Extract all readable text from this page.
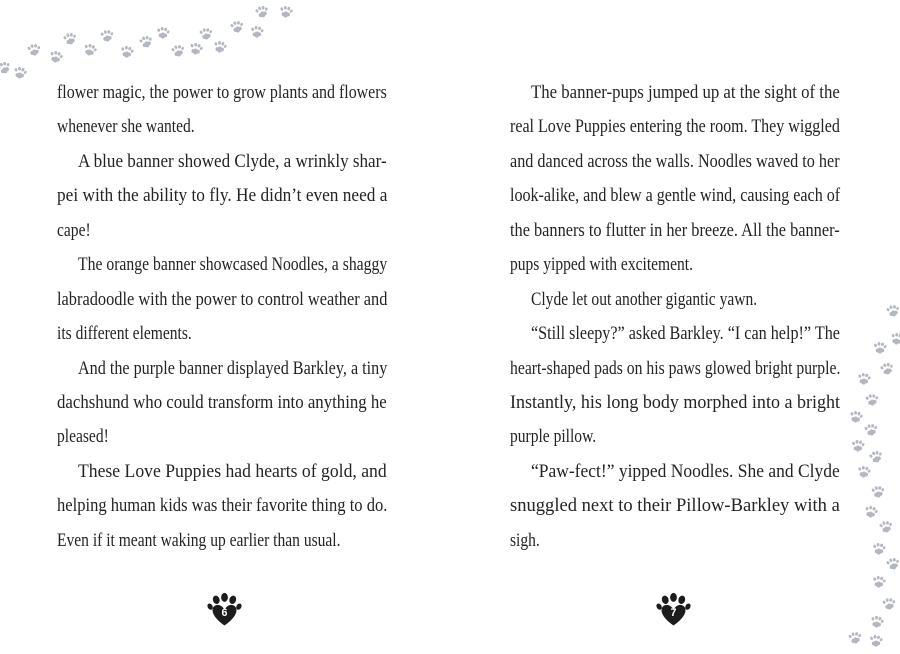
flower magic, the power to grow plants and flowers
whenever she wanted.
A blue banner showed Clyde, a wrinkly shar-
pei with the ability to fly. He didn’t even need a
cape!
The orange banner showcased Noodles, a shaggy
labradoodle with the power to control weather and
its different elements.
And the purple banner displayed Barkley, a tiny
dachshund who could transform into anything he
pleased!
These Love Puppies had hearts of gold, and
helping human kids was their favorite thing to do.
Even if it meant waking up earlier than usual.
The banner-pups jumped up at the sight of the
real Love Puppies entering the room. They wiggled
and danced across the walls. Noodles waved to her
look-alike, and blew a gentle wind, causing each of
the banners to flutter in her breeze. All the banner-
pups yipped with excitement.
Clyde let out another gigantic yawn.
“Still sleepy?” asked Barkley. “I can help!” The
heart-shaped pads on his paws glowed bright purple.
Instantly, his long body morphed into a bright
purple pillow.
“Paw-fect!” yipped Noodles. She and Clyde
snuggled next to their Pillow-Barkley with a
sigh.
6	7
